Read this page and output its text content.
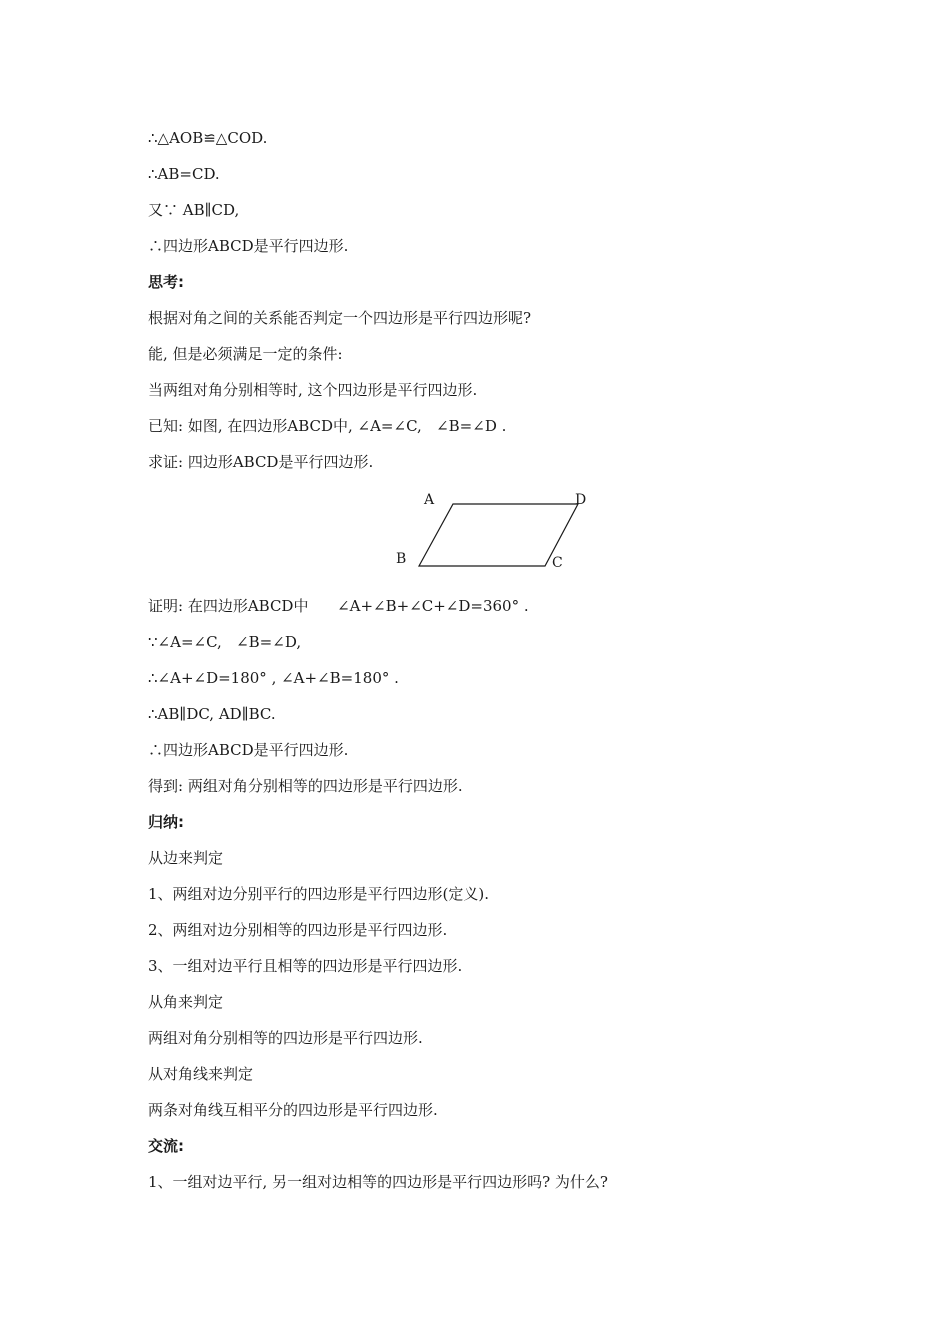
∴△AOB≌△COD.
∴AB=CD.
又∵ AB∥CD,
∴四边形ABCD是平行四边形.
思考:
根据对角之间的关系能否判定一个四边形是平行四边形呢?
能, 但是必须满足一定的条件:
当两组对角分别相等时, 这个四边形是平行四边形.
已知: 如图, 在四边形ABCD中, ∠A=∠C,   ∠B=∠D .
求证: 四边形ABCD是平行四边形.
A	D
B	C
证明: 在四边形ABCD中      ∠A+∠B+∠C+∠D=360° .
∵∠A=∠C,   ∠B=∠D,
∴∠A+∠D=180° , ∠A+∠B=180° .
∴AB∥DC, AD∥BC.
∴四边形ABCD是平行四边形.
得到: 两组对角分别相等的四边形是平行四边形.
归纳:
从边来判定
1、两组对边分别平行的四边形是平行四边形(定义).
2、两组对边分别相等的四边形是平行四边形.
3、一组对边平行且相等的四边形是平行四边形.
从角来判定
两组对角分别相等的四边形是平行四边形.
从对角线来判定
两条对角线互相平分的四边形是平行四边形.
交流:
1、一组对边平行, 另一组对边相等的四边形是平行四边形吗? 为什么?
